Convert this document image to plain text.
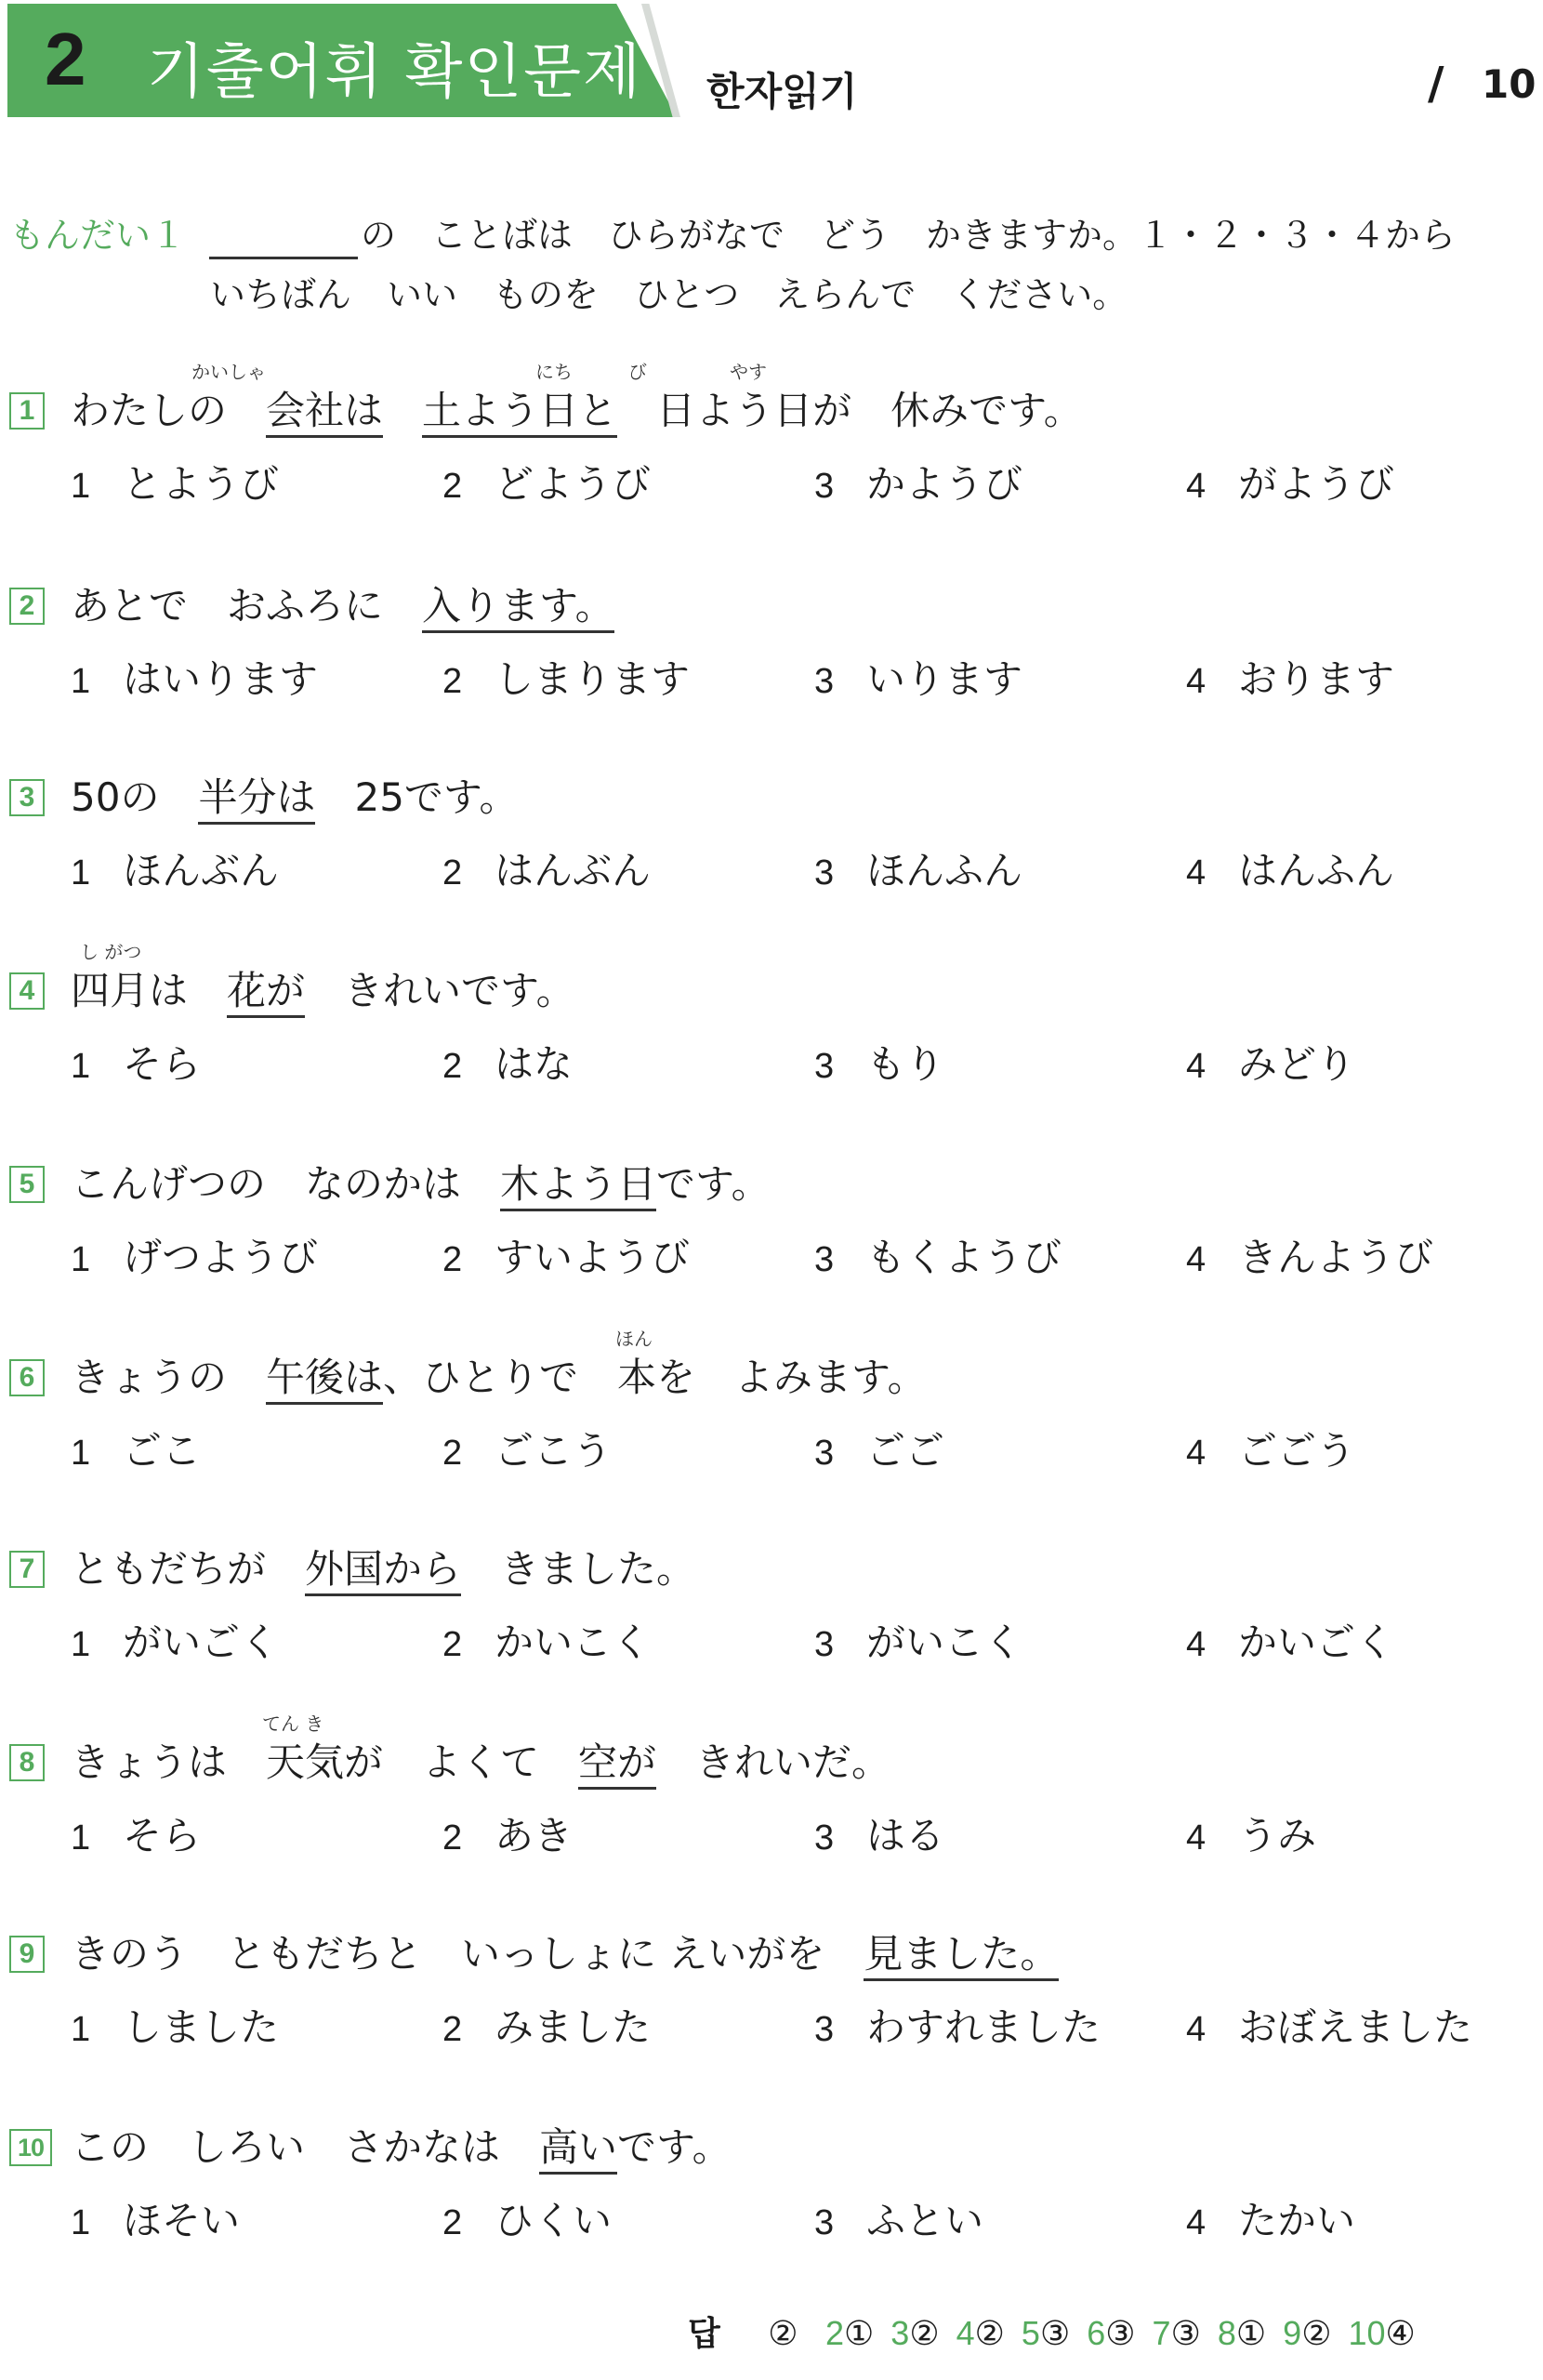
2 기출어휘 확인문제 한자읽기	/ 10
もんだい１	の　ことばは　ひらがなで　どう　かきますか。１・２・３・４から
いちばん　いい　ものを　ひとつ　えらんで　ください。
1 わたしの　会社は　 土よう日と　日よう日が　休みです。
かいしゃ	にち　　　び	やす
1 とようび	2 どようび	3 かようび	4 がようび
2 あとで　おふろに　入ります。
1 はいります	2 しまります	3 いります	4 おります
3 50の　半分は　25です。
1 ほんぶん	2 はんぶん	3 ほんふん	4 はんふん
4 四月は　花が　きれいです。
し がつ
1 そら	2 はな	3 もり	4 みどり
5 こんげつの　なのかは　木よう日です。
1 げつようび	2 すいようび	3 もくようび	4 きんようび
6 きょうの　午後は、ひとりで　本を　よみます。
ほん
1 ごこ	2 ごこう	3 ごご	4 ごごう
7 ともだちが　外国から　きました。
1 がいごく	2 かいこく	3 がいこく	4 かいごく
8 きょうは　天気が　よくて　空が　きれいだ。
てん き
1 そら	2 あき	3 はる	4 うみ
9 きのう　ともだちと　いっしょに えいがを　見ました。
1 しました	2 みました	3 わすれました 4 おぼえました
10 この　しろい　さかなは　高いです。
1 ほそい	2 ひくい	3 ふとい	4 たかい
답 ② 2① 3② 4② 5③ 6③ 7③ 8① 9② 10④
